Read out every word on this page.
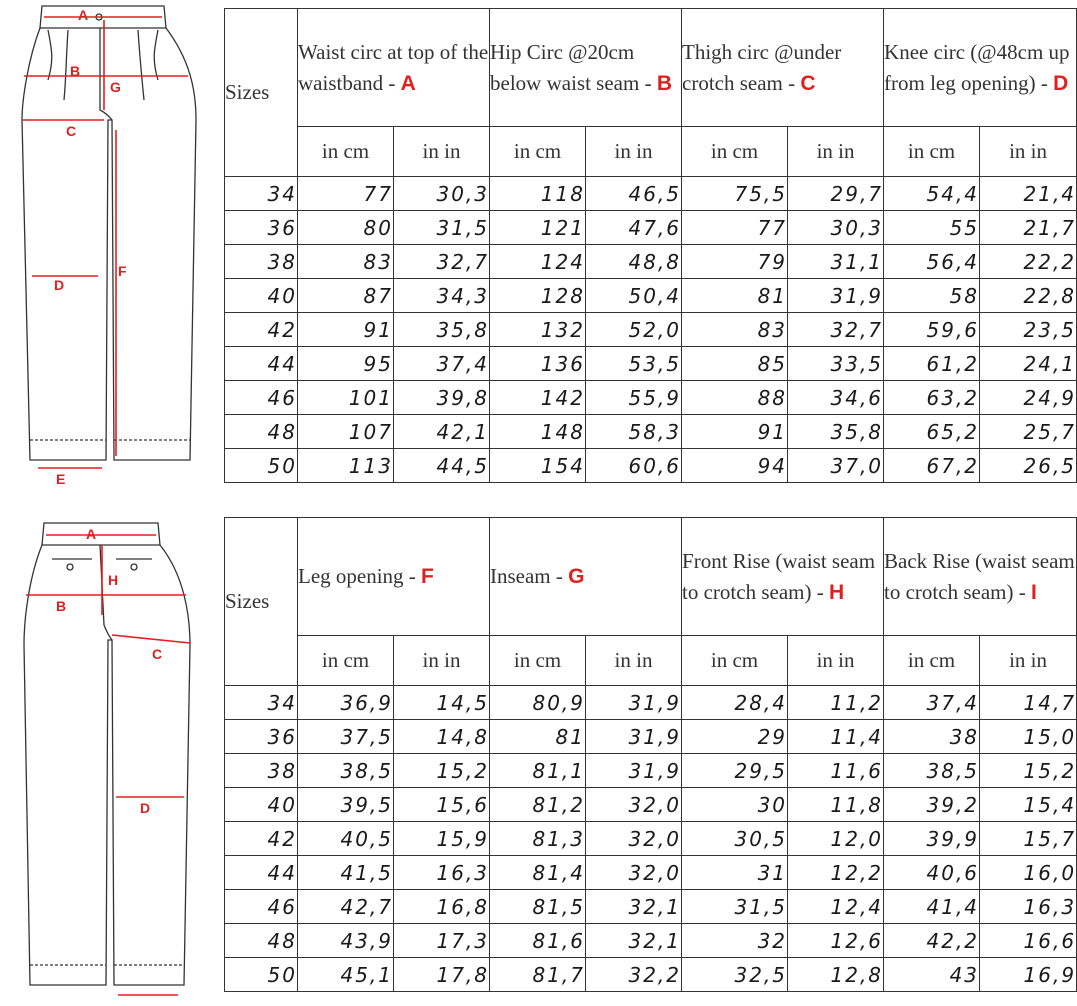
A
B
G
C
D
F
E
A
H
B
C
D
Sizes	Waist circ at top of the waistband - A		Hip Circ @20cm below waist seam - B		Thigh circ @under crotch seam - C		Knee circ (@48cm up from leg opening) - D	
	in cm	in in	in cm	in in	in cm	in in	in cm	in in
34	77	30,3	118	46,5	75,5	29,7	54,4	21,4
36	80	31,5	121	47,6	77	30,3	55	21,7
38	83	32,7	124	48,8	79	31,1	56,4	22,2
40	87	34,3	128	50,4	81	31,9	58	22,8
42	91	35,8	132	52,0	83	32,7	59,6	23,5
44	95	37,4	136	53,5	85	33,5	61,2	24,1
46	101	39,8	142	55,9	88	34,6	63,2	24,9
48	107	42,1	148	58,3	91	35,8	65,2	25,7
50	113	44,5	154	60,6	94	37,0	67,2	26,5
Sizes	Leg opening - F		Inseam - G		Front Rise (waist seam to crotch seam) - H		Back Rise (waist seam to crotch seam) - I	
	in cm	in in	in cm	in in	in cm	in in	in cm	in in
34	36,9	14,5	80,9	31,9	28,4	11,2	37,4	14,7
36	37,5	14,8	81	31,9	29	11,4	38	15,0
38	38,5	15,2	81,1	31,9	29,5	11,6	38,5	15,2
40	39,5	15,6	81,2	32,0	30	11,8	39,2	15,4
42	40,5	15,9	81,3	32,0	30,5	12,0	39,9	15,7
44	41,5	16,3	81,4	32,0	31	12,2	40,6	16,0
46	42,7	16,8	81,5	32,1	31,5	12,4	41,4	16,3
48	43,9	17,3	81,6	32,1	32	12,6	42,2	16,6
50	45,1	17,8	81,7	32,2	32,5	12,8	43	16,9
